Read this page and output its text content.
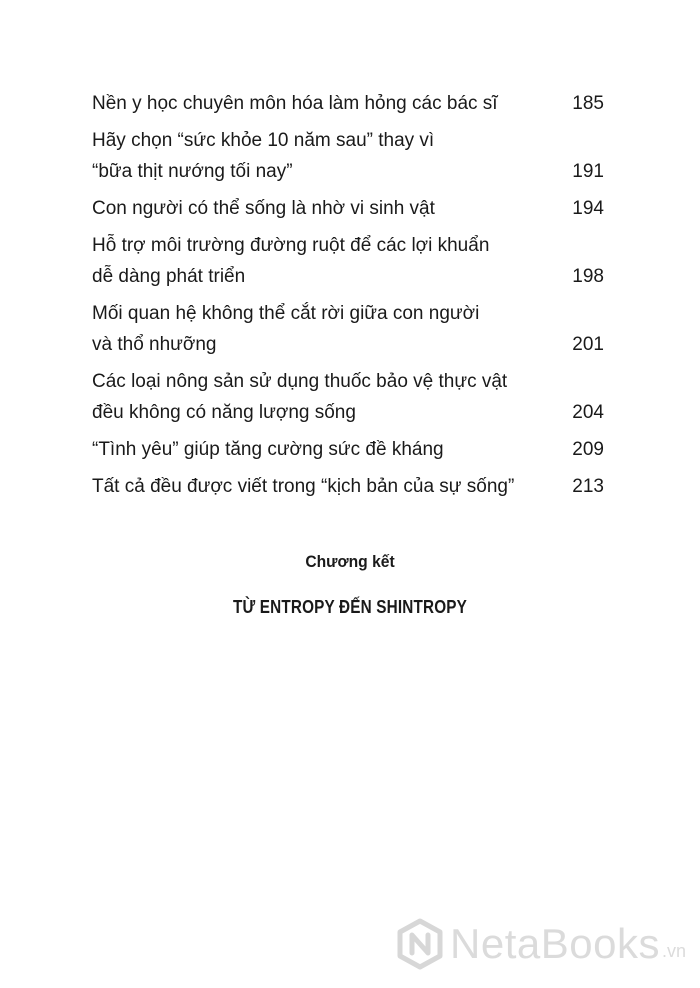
Nền y học chuyên môn hóa làm hỏng các bác sĩ	185
Hãy chọn “sức khỏe 10 năm sau” thay vì
“bữa thịt nướng tối nay”	191
Con người có thể sống là nhờ vi sinh vật	194
Hỗ trợ môi trường đường ruột để các lợi khuẩn
dễ dàng phát triển	198
Mối quan hệ không thể cắt rời giữa con người
và thổ nhưỡng	201
Các loại nông sản sử dụng thuốc bảo vệ thực vật
đều không có năng lượng sống	204
“Tình yêu” giúp tăng cường sức đề kháng	209
Tất cả đều được viết trong “kịch bản của sự sống”	213
Chương kết
TỪ ENTROPY ĐẾN SHINTROPY
NetaBooks .vn
